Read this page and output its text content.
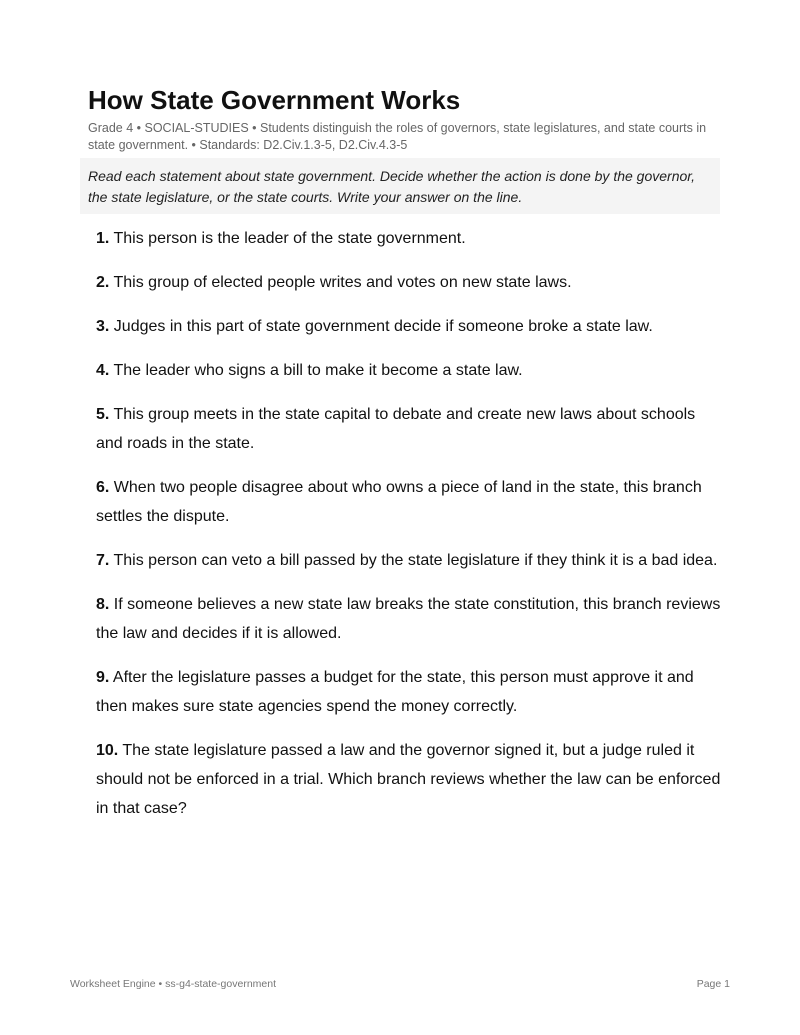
How State Government Works
Grade 4 • SOCIAL-STUDIES • Students distinguish the roles of governors, state legislatures, and state courts in state government. • Standards: D2.Civ.1.3-5, D2.Civ.4.3-5
Read each statement about state government. Decide whether the action is done by the governor, the state legislature, or the state courts. Write your answer on the line.

1. This person is the leader of the state government.

2. This group of elected people writes and votes on new state laws.

3. Judges in this part of state government decide if someone broke a state law.

4. The leader who signs a bill to make it become a state law.

5. This group meets in the state capital to debate and create new laws about schools and roads in the state.

6. When two people disagree about who owns a piece of land in the state, this branch settles the dispute.

7. This person can veto a bill passed by the state legislature if they think it is a bad idea.

8. If someone believes a new state law breaks the state constitution, this branch reviews the law and decides if it is allowed.

9. After the legislature passes a budget for the state, this person must approve it and then makes sure state agencies spend the money correctly.

10. The state legislature passed a law and the governor signed it, but a judge ruled it should not be enforced in a trial. Which branch reviews whether the law can be enforced in that case?

Worksheet Engine • ss-g4-state-government	Page 1
